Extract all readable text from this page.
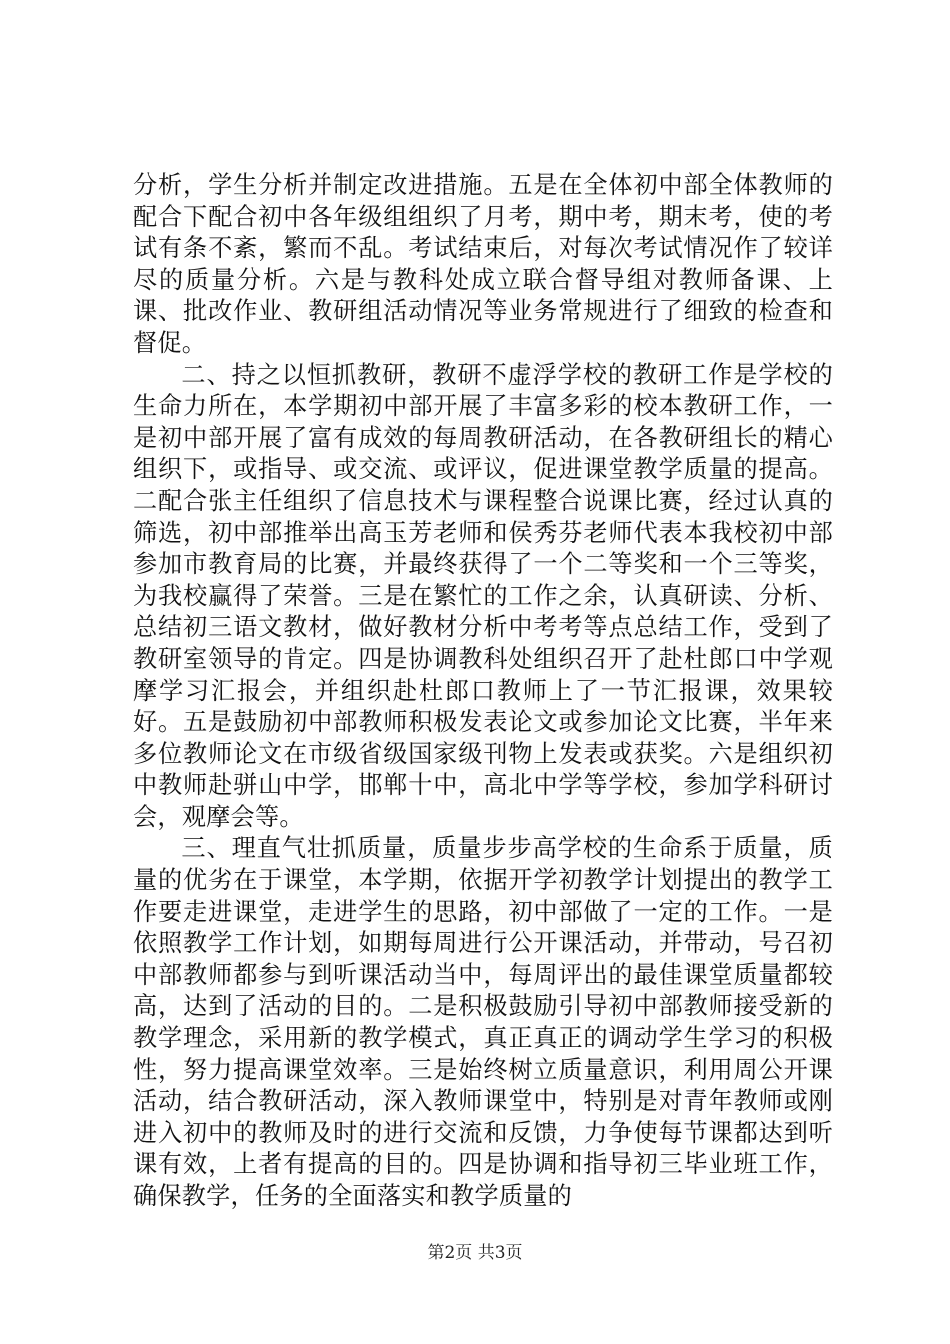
分析，学生分析并制定改进措施。五是在全体初中部全体教师的配合下配合初中各年级组组织了月考，期中考，期末考，使的考试有条不紊，繁而不乱。考试结束后，对每次考试情况作了较详尽的质量分析。六是与教科处成立联合督导组对教师备课、上课、批改作业、教研组活动情况等业务常规进行了细致的检查和督促。

二、持之以恒抓教研，教研不虚浮学校的教研工作是学校的生命力所在，本学期初中部开展了丰富多彩的校本教研工作，一是初中部开展了富有成效的每周教研活动，在各教研组长的精心组织下，或指导、或交流、或评议，促进课堂教学质量的提高。二配合张主任组织了信息技术与课程整合说课比赛，经过认真的筛选，初中部推举出高玉芳老师和侯秀芬老师代表本我校初中部参加市教育局的比赛，并最终获得了一个二等奖和一个三等奖，为我校赢得了荣誉。三是在繁忙的工作之余，认真研读、分析、总结初三语文教材，做好教材分析中考考等点总结工作，受到了教研室领导的肯定。四是协调教科处组织召开了赴杜郎口中学观摩学习汇报会，并组织赴杜郎口教师上了一节汇报课，效果较好。五是鼓励初中部教师积极发表论文或参加论文比赛，半年来多位教师论文在市级省级国家级刊物上发表或获奖。六是组织初中教师赴骈山中学，邯郸十中，高北中学等学校，参加学科研讨会，观摩会等。

三、理直气壮抓质量，质量步步高学校的生命系于质量，质量的优劣在于课堂，本学期，依据开学初教学计划提出的教学工作要走进课堂，走进学生的思路，初中部做了一定的工作。一是依照教学工作计划，如期每周进行公开课活动，并带动，号召初中部教师都参与到听课活动当中，每周评出的最佳课堂质量都较高，达到了活动的目的。二是积极鼓励引导初中部教师接受新的教学理念，采用新的教学模式，真正真正的调动学生学习的积极性，努力提高课堂效率。三是始终树立质量意识，利用周公开课活动，结合教研活动，深入教师课堂中，特别是对青年教师或刚进入初中的教师及时的进行交流和反馈，力争使每节课都达到听课有效，上者有提高的目的。四是协调和指导初三毕业班工作，确保教学，任务的全面落实和教学质量的

第2页 共3页
